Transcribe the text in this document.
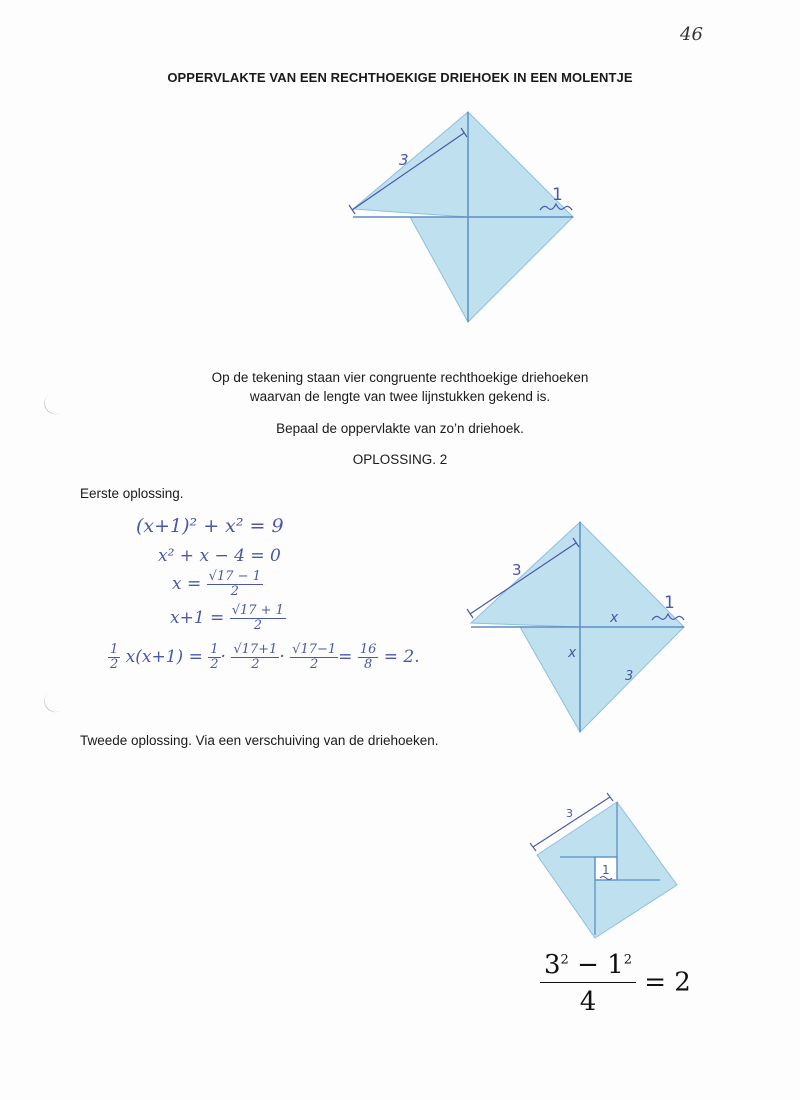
46
OPPERVLAKTE VAN EEN RECHTHOEKIGE DRIEHOEK IN EEN MOLENTJE
3
1
Op de tekening staan vier congruente rechthoekige driehoeken
waarvan de lengte van twee lijnstukken gekend is.
Bepaal de oppervlakte van zo’n driehoek.
OPLOSSING. 2
Eerste oplossing.
(x+1)² + x² = 9
x² + x − 4 = 0
$x = \frac{√17 - 1}{2}$
$x+1 = \frac{√17 + 1}{2}$
$\frac{1}{2} x(x+1) = \frac{1}{2} \cdot \frac{√17+1}{2} \cdot \frac{√17-1}{2} = \frac{16}{8} = 2$.
3
1
x
x
3
Tweede oplossing. Via een verschuiving van de driehoeken.
3
1
$\frac{3^2 - 1^2}{4} = 2$
